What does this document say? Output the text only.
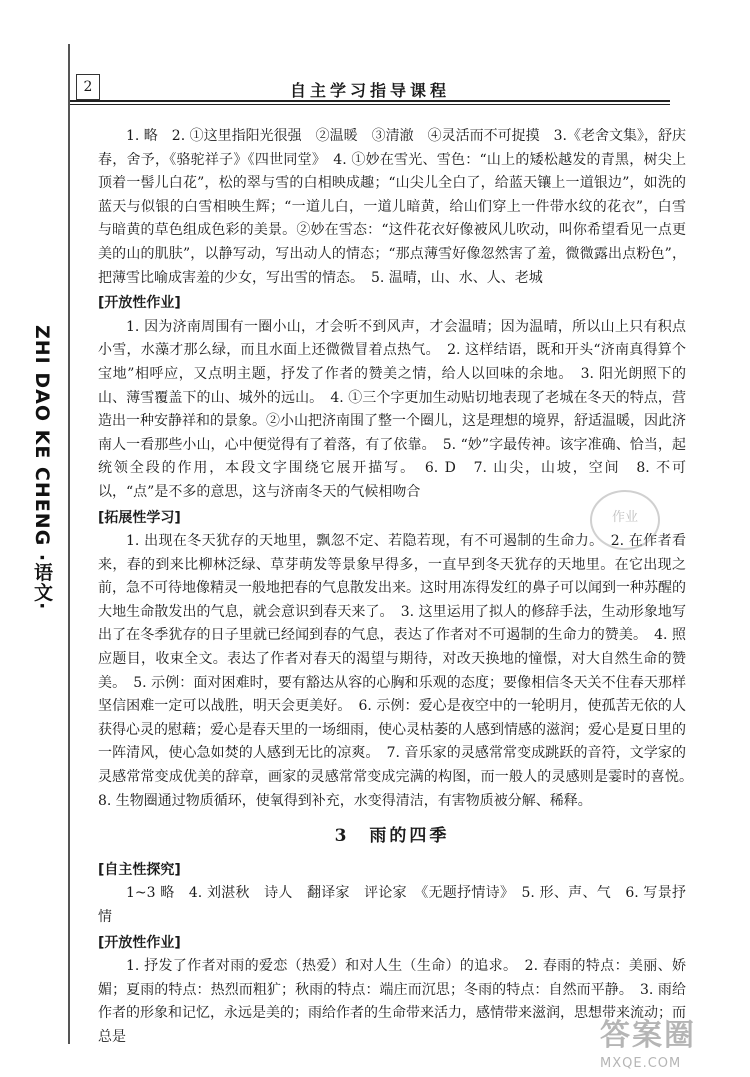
2	自主学习指导课程
ZHI DAO KE CHENG ·语文·

1. 略　2. ①这里指阳光很强　②温暖　③清澈　④灵活而不可捉摸　3.《老舍文集》，舒庆春，舍予，《骆驼祥子》《四世同堂》　4. ①妙在雪光、雪色：“山上的矮松越发的青黑，树尖上顶着一髻儿白花”，松的翠与雪的白相映成趣；“山尖儿全白了，给蓝天镶上一道银边”，如洗的蓝天与似银的白雪相映生辉；“一道儿白，一道儿暗黄，给山们穿上一件带水纹的花衣”，白雪与暗黄的草色组成色彩的美景。②妙在雪态：“这件花衣好像被风儿吹动，叫你希望看见一点更美的山的肌肤”，以静写动，写出动人的情态；“那点薄雪好像忽然害了羞，微微露出点粉色”，把薄雪比喻成害羞的少女，写出雪的情态。　5. 温晴，山、水、人、老城

[开放性作业]

1. 因为济南周围有一圈小山，才会听不到风声，才会温晴；因为温晴，所以山上只有积点小雪，水藻才那么绿，而且水面上还微微冒着点热气。　2. 这样结语，既和开头“济南真得算个宝地”相呼应，又点明主题，抒发了作者的赞美之情，给人以回味的余地。　3. 阳光朗照下的山、薄雪覆盖下的山、城外的远山。　4. ①三个字更加生动贴切地表现了老城在冬天的特点，营造出一种安静祥和的景象。②小山把济南围了整一个圈儿，这是理想的境界，舒适温暖，因此济南人一看那些小山，心中便觉得有了着落，有了依靠。　5. “妙”字最传神。该字准确、恰当，起统领全段的作用，本段文字围绕它展开描写。　6. D　7. 山尖，山坡，空间　8. 不可以，“点”是不多的意思，这与济南冬天的气候相吻合

[拓展性学习]

1. 出现在冬天犹存的天地里，飘忽不定、若隐若现，有不可遏制的生命力。　2. 在作者看来，春的到来比柳林泛绿、草芽萌发等景象早得多，一直早到冬天犹存的天地里。在它出现之前，急不可待地像精灵一般地把春的气息散发出来。这时用冻得发红的鼻子可以闻到一种苏醒的大地生命散发出的气息，就会意识到春天来了。　3. 这里运用了拟人的修辞手法，生动形象地写出了在冬季犹存的日子里就已经闻到春的气息，表达了作者对不可遏制的生命力的赞美。　4. 照应题目，收束全文。表达了作者对春天的渴望与期待，对改天换地的憧憬，对大自然生命的赞美。　5. 示例：面对困难时，要有豁达从容的心胸和乐观的态度；要像相信冬天关不住春天那样坚信困难一定可以战胜，明天会更美好。　6. 示例：爱心是夜空中的一轮明月，使孤苦无依的人获得心灵的慰藉；爱心是春天里的一场细雨，使心灵枯萎的人感到情感的滋润；爱心是夏日里的一阵清风，使心急如焚的人感到无比的凉爽。　7. 音乐家的灵感常常变成跳跃的音符，文学家的灵感常常变成优美的辞章，画家的灵感常常变成完满的构图，而一般人的灵感则是霎时的喜悦。　8. 生物圈通过物质循环，使氧得到补充，水变得清洁，有害物质被分解、稀释。

3　雨的四季

[自主性探究]

1~3 略　4. 刘湛秋　诗人　翻译家　评论家　《无题抒情诗》　5. 形、声、气　6. 写景抒情

[开放性作业]

1. 抒发了作者对雨的爱恋（热爱）和对人生（生命）的追求。　2. 春雨的特点：美丽、娇媚；夏雨的特点：热烈而粗犷；秋雨的特点：端庄而沉思；冬雨的特点：自然而平静。　3. 雨给作者的形象和记忆，永远是美的；雨给作者的生命带来活力，感情带来滋润，思想带来流动；而总是

作业
答案圈
MXQE.COM
